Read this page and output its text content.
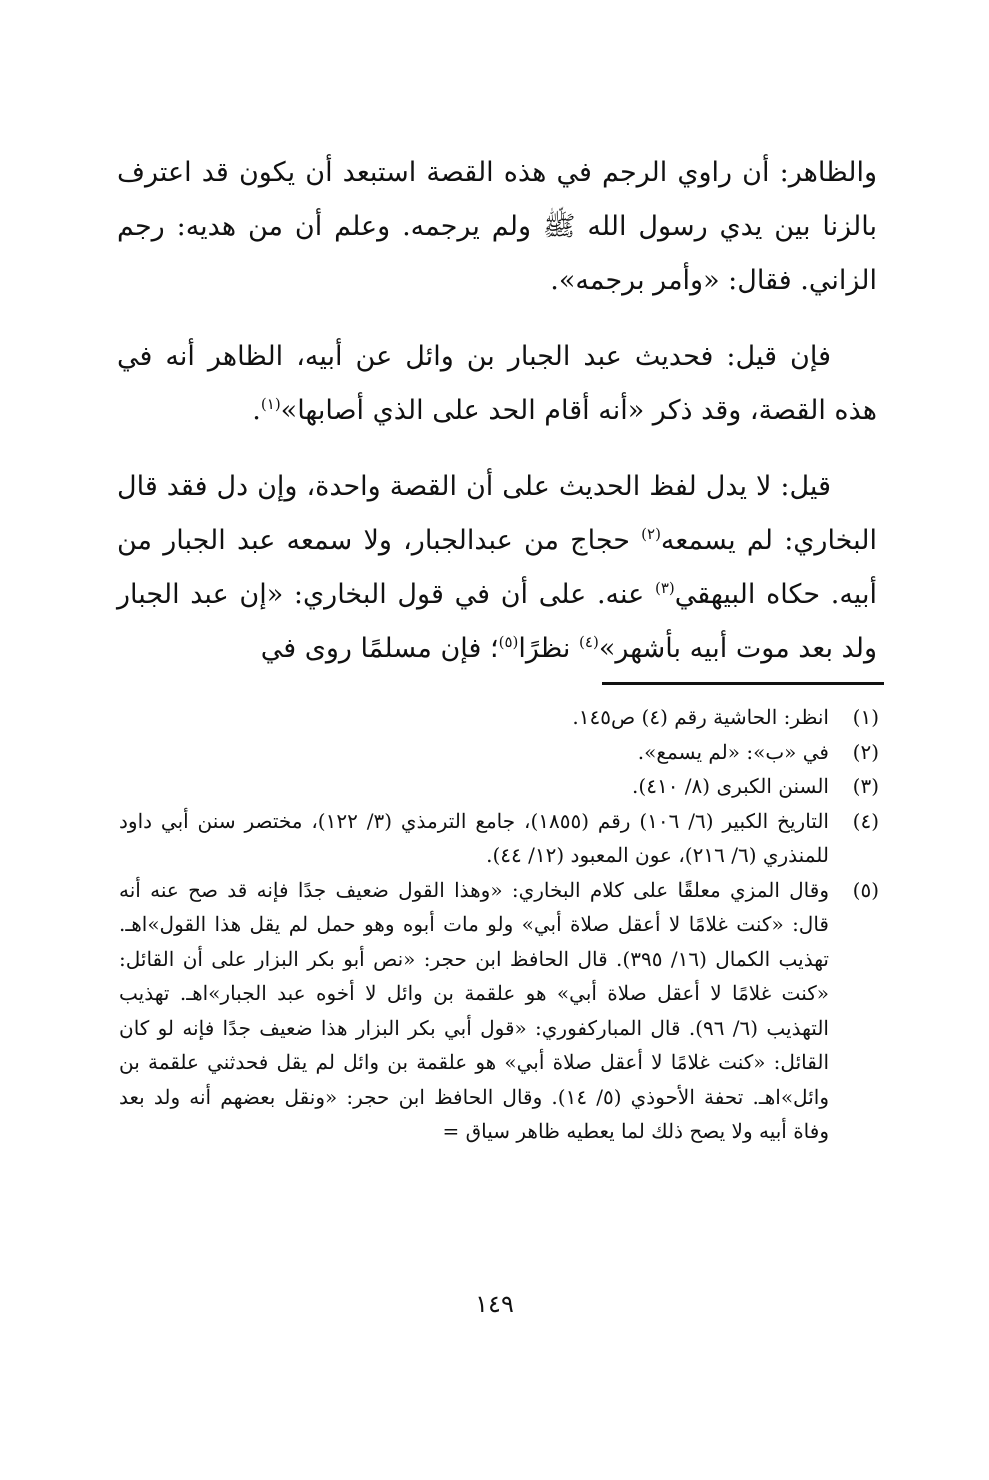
والظاهر: أن راوي الرجم في هذه القصة استبعد أن يكون قد اعترف بالزنا بين يدي رسول الله ﷺ ولم يرجمه. وعلم أن من هديه: رجم الزاني. فقال: «وأمر برجمه».

فإن قيل: فحديث عبد الجبار بن وائل عن أبيه، الظاهر أنه في هذه القصة، وقد ذكر «أنه أقام الحد على الذي أصابها»$^{(١)}$.

قيل: لا يدل لفظ الحديث على أن القصة واحدة، وإن دل فقد قال البخاري: لم يسمعه$^{(٢)}$ حجاج من عبدالجبار، ولا سمعه عبد الجبار من أبيه. حكاه البيهقي$^{(٣)}$ عنه. على أن في قول البخاري: «إن عبد الجبار ولد بعد موت أبيه بأشهر»$^{(٤)}$ نظرًا$^{(٥)}$؛ فإن مسلمًا روى في

(١)
انظر: الحاشية رقم (٤) ص١٤٥.
(٢)
في «ب»: «لم يسمع».
(٣)
السنن الكبرى (٨/ ٤١٠).
(٤)
التاريخ الكبير (٦/ ١٠٦) رقم (١٨٥٥)، جامع الترمذي (٣/ ١٢٢)، مختصر سنن أبي داود للمنذري (٦/ ٢١٦)، عون المعبود (١٢/ ٤٤).
(٥)
وقال المزي معلقًا على كلام البخاري: «وهذا القول ضعيف جدًا فإنه قد صح عنه أنه قال: «كنت غلامًا لا أعقل صلاة أبي» ولو مات أبوه وهو حمل لم يقل هذا القول»اهـ. تهذيب الكمال (١٦/ ٣٩٥). قال الحافظ ابن حجر: «نص أبو بكر البزار على أن القائل: «كنت غلامًا لا أعقل صلاة أبي» هو علقمة بن وائل لا أخوه عبد الجبار»اهـ. تهذيب التهذيب (٦/ ٩٦). قال المباركفوري: «قول أبي بكر البزار هذا ضعيف جدًا فإنه لو كان القائل: «كنت غلامًا لا أعقل صلاة أبي» هو علقمة بن وائل لم يقل فحدثني علقمة بن وائل»اهـ. تحفة الأحوذي (٥/ ١٤). وقال الحافظ ابن حجر: «ونقل بعضهم أنه ولد بعد وفاة أبيه ولا يصح ذلك لما يعطيه ظاهر سياق =
١٤٩
